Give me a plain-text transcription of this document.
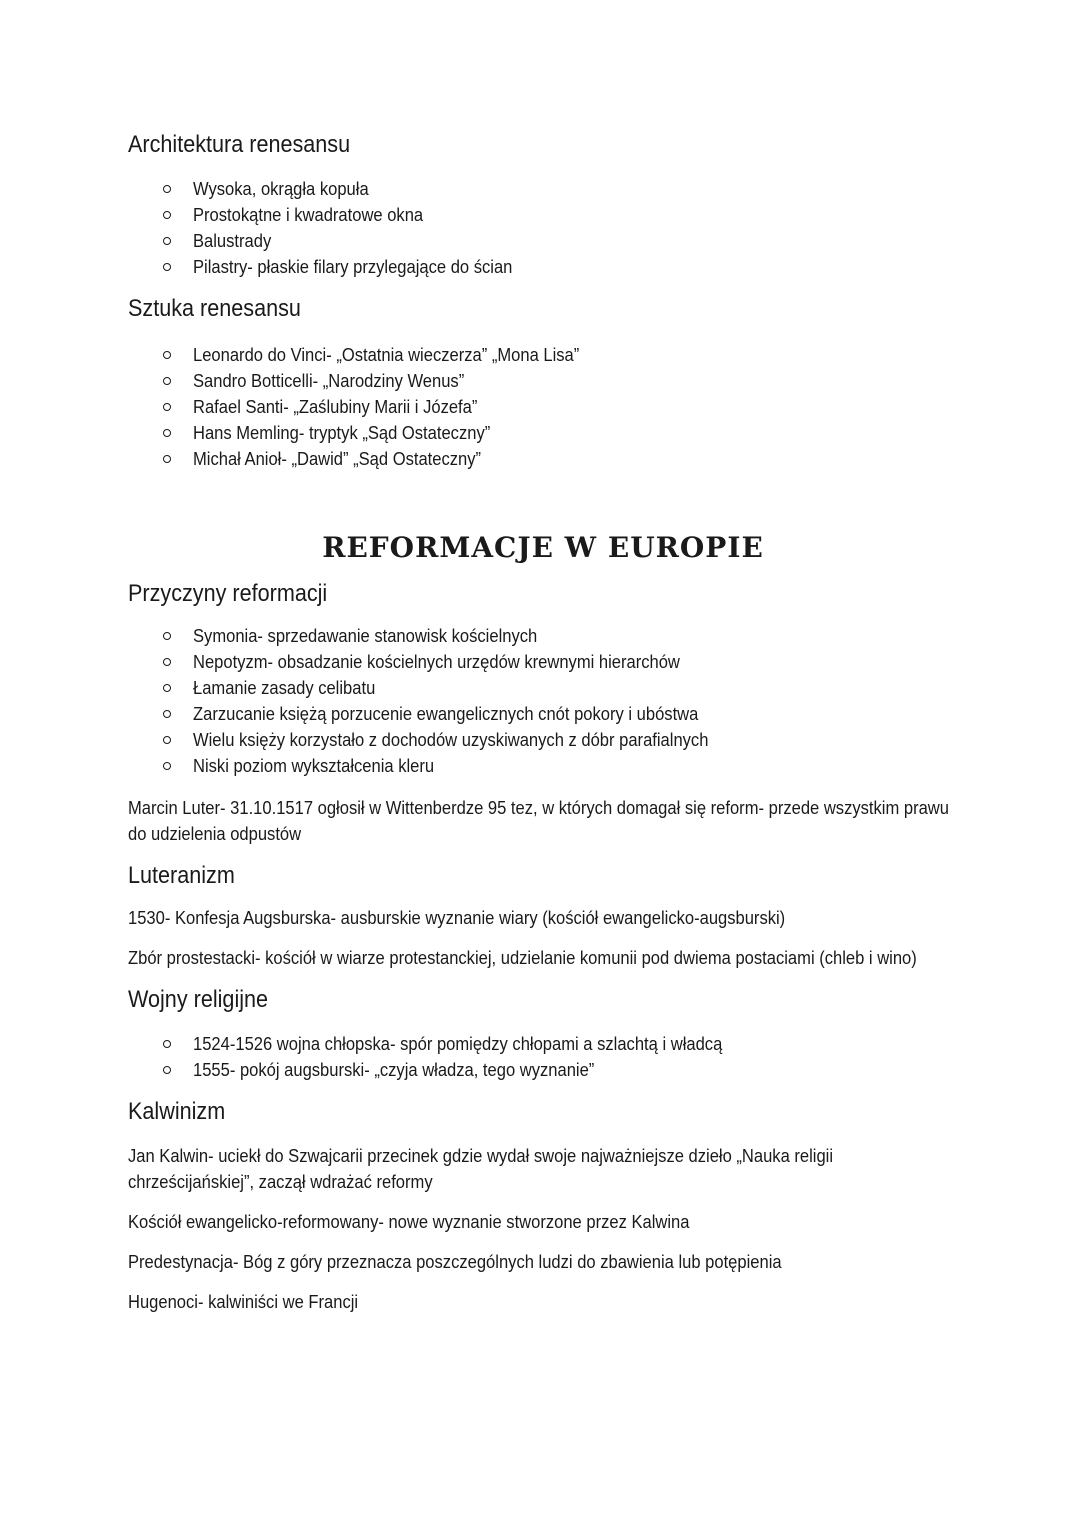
Architektura renesansu
Wysoka, okrągła kopuła
Prostokątne i kwadratowe okna
Balustrady
Pilastry- płaskie filary przylegające do ścian
Sztuka renesansu
Leonardo do Vinci- „Ostatnia wieczerza” „Mona Lisa”
Sandro Botticelli- „Narodziny Wenus”
Rafael Santi- „Zaślubiny Marii i Józefa”
Hans Memling- tryptyk „Sąd Ostateczny”
Michał Anioł- „Dawid” „Sąd Ostateczny”
REFORMACJE W EUROPIE
Przyczyny reformacji
Symonia- sprzedawanie stanowisk kościelnych
Nepotyzm- obsadzanie kościelnych urzędów krewnymi hierarchów
Łamanie zasady celibatu
Zarzucanie księżą porzucenie ewangelicznych cnót pokory i ubóstwa
Wielu księży korzystało z dochodów uzyskiwanych z dóbr parafialnych
Niski poziom wykształcenia kleru

Marcin Luter- 31.10.1517 ogłosił w Wittenberdze 95 tez, w których domagał się reform- przede wszystkim prawu do udzielenia odpustów

Luteranizm

1530- Konfesja Augsburska- ausburskie wyznanie wiary (kościół ewangelicko-augsburski)

Zbór prostestacki- kościół w wiarze protestanckiej, udzielanie komunii pod dwiema postaciami (chleb i wino)

Wojny religijne
1524-1526 wojna chłopska- spór pomiędzy chłopami a szlachtą i władcą
1555- pokój augsburski- „czyja władza, tego wyznanie”
Kalwinizm

Jan Kalwin- uciekł do Szwajcarii przecinek gdzie wydał swoje najważniejsze dzieło „Nauka religii chrześcijańskiej”, zaczął wdrażać reformy

Kościół ewangelicko-reformowany- nowe wyznanie stworzone przez Kalwina

Predestynacja- Bóg z góry przeznacza poszczególnych ludzi do zbawienia lub potępienia

Hugenoci- kalwiniści we Francji
